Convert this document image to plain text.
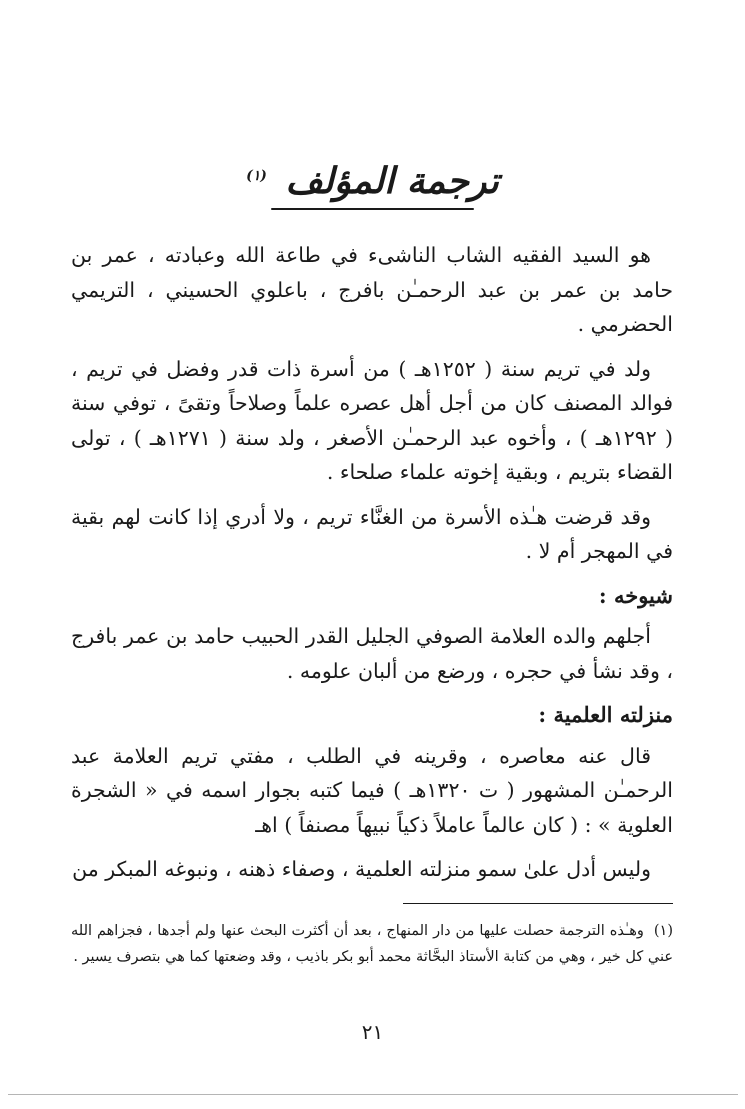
ترجمة المؤلف $^{(١)}$

هو السيد الفقيه الشاب الناشىء في طاعة الله وعبادته ، عمر بن حامد بن عمر بن عبد الرحمـٰن بافرج ، باعلوي الحسيني ، التريمي الحضرمي .

ولد في تريم سنة ( ١٢٥٢هـ ) من أسرة ذات قدر وفضل في تريم ، فوالد المصنف كان من أجل أهل عصره علماً وصلاحاً وتقىً ، توفي سنة ( ١٢٩٢هـ ) ، وأخوه عبد الرحمـٰن الأصغر ، ولد سنة ( ١٢٧١هـ ) ، تولى القضاء بتريم ، وبقية إخوته علماء صلحاء .

وقد قرضت هـٰذه الأسرة من الغنَّاء تريم ، ولا أدري إذا كانت لهم بقية في المهجر أم لا .

شيوخه :

أجلهم والده العلامة الصوفي الجليل القدر الحبيب حامد بن عمر بافرج ، وقد نشأ في حجره ، ورضع من ألبان علومه .

منزلته العلمية :

قال عنه معاصره ، وقرينه في الطلب ، مفتي تريم العلامة عبد الرحمـٰن المشهور ( ت ١٣٢٠هـ ) فيما كتبه بجوار اسمه في « الشجرة العلوية » : ( كان عالماً عاملاً ذكياً نبيهاً مصنفاً ) اهـ

وليس أدل علىٰ سمو منزلته العلمية ، وصفاء ذهنه ، ونبوغه المبكر من

(١)وهـٰذه الترجمة حصلت عليها من دار المنهاج ، بعد أن أكثرت البحث عنها ولم أجدها ، فجزاهم الله عني كل خير ، وهي من كتابة الأستاذ البحَّاثة محمد أبو بكر باذيب ، وقد وضعتها كما هي بتصرف يسير .
٢١
